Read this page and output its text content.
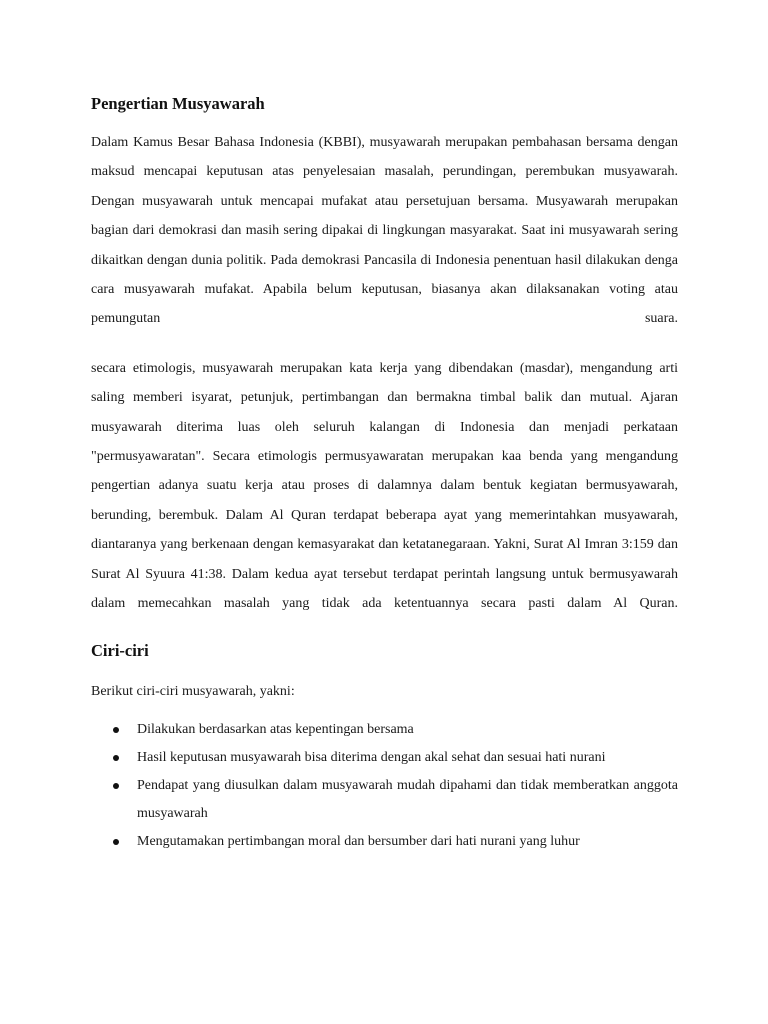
Pengertian Musyawarah

Dalam Kamus Besar Bahasa Indonesia (KBBI), musyawarah merupakan pembahasan bersama dengan maksud mencapai keputusan atas penyelesaian masalah, perundingan, perembukan musyawarah. Dengan musyawarah untuk mencapai mufakat atau persetujuan bersama. Musyawarah merupakan bagian dari demokrasi dan masih sering dipakai di lingkungan masyarakat. Saat ini musyawarah sering dikaitkan dengan dunia politik. Pada demokrasi Pancasila di Indonesia penentuan hasil dilakukan denga cara musyawarah mufakat. Apabila belum keputusan, biasanya akan dilaksanakan voting atau pemungutan suara.

secara etimologis, musyawarah merupakan kata kerja yang dibendakan (masdar), mengandung arti saling memberi isyarat, petunjuk, pertimbangan dan bermakna timbal balik dan mutual. Ajaran musyawarah diterima luas oleh seluruh kalangan di Indonesia dan menjadi perkataan "permusyawaratan". Secara etimologis permusyawaratan merupakan kaa benda yang mengandung pengertian adanya suatu kerja atau proses di dalamnya dalam bentuk kegiatan bermusyawarah, berunding, berembuk. Dalam Al Quran terdapat beberapa ayat yang memerintahkan musyawarah, diantaranya yang berkenaan dengan kemasyarakat dan ketatanegaraan. Yakni, Surat Al Imran 3:159 dan Surat Al Syuura 41:38. Dalam kedua ayat tersebut terdapat perintah langsung untuk bermusyawarah dalam memecahkan masalah yang tidak ada ketentuannya secara pasti dalam Al Quran.

Ciri-ciri

Berikut ciri-ciri musyawarah, yakni:

Dilakukan berdasarkan atas kepentingan bersama
Hasil keputusan musyawarah bisa diterima dengan akal sehat dan sesuai hati nurani
Pendapat yang diusulkan dalam musyawarah mudah dipahami dan tidak memberatkan anggota musyawarah
Mengutamakan pertimbangan moral dan bersumber dari hati nurani yang luhur
